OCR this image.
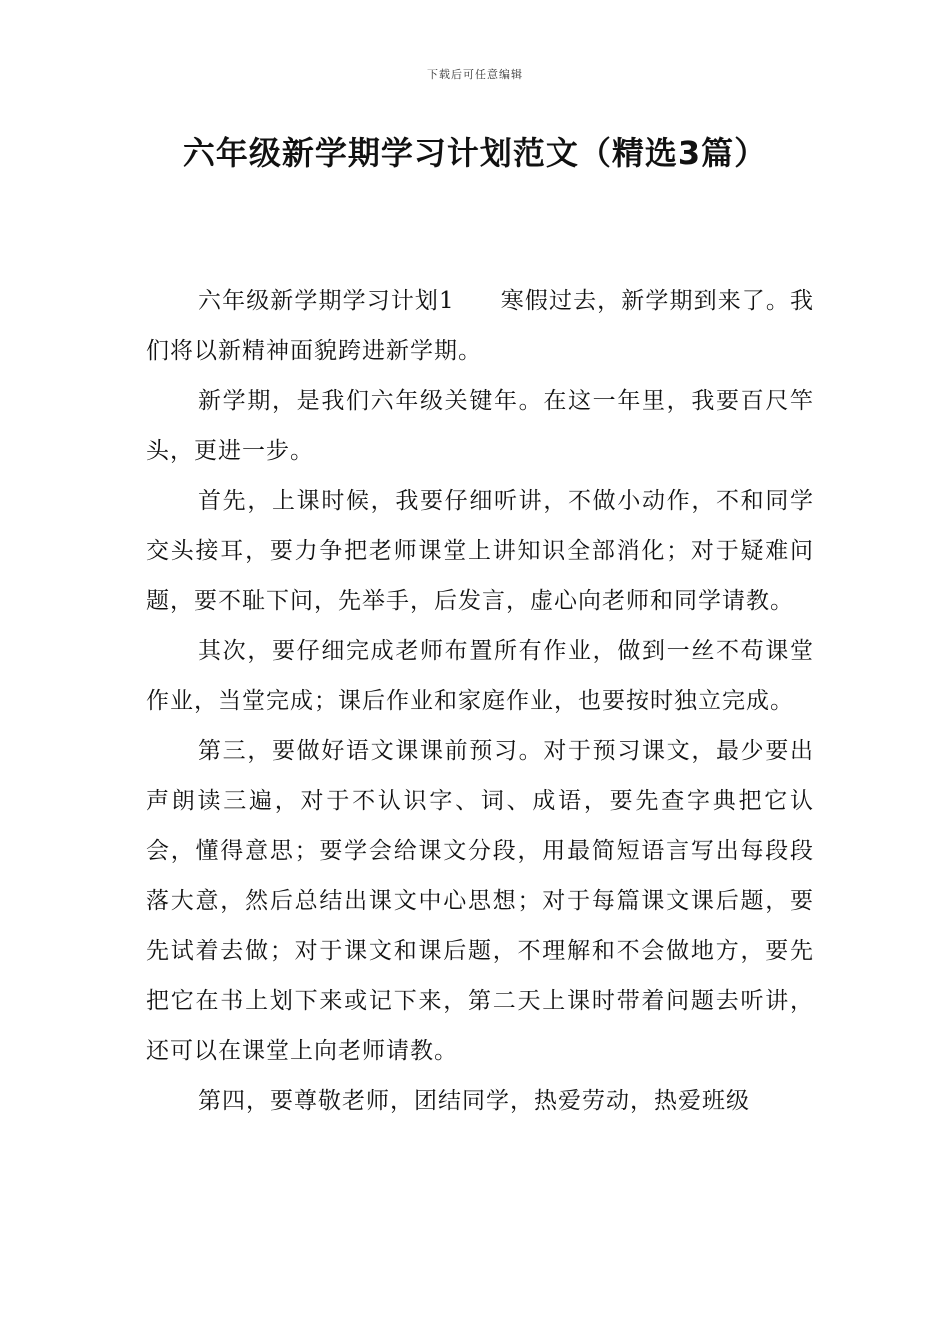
下载后可任意编辑
六年级新学期学习计划范文（精选3篇）

六年级新学期学习计划1 寒假过去，新学期到来了。我们将以新精神面貌跨进新学期。

新学期，是我们六年级关键年。在这一年里，我要百尺竿头，更进一步。

首先，上课时候，我要仔细听讲，不做小动作，不和同学交头接耳，要力争把老师课堂上讲知识全部消化；对于疑难问题，要不耻下问，先举手，后发言，虚心向老师和同学请教。

其次，要仔细完成老师布置所有作业，做到一丝不苟课堂作业，当堂完成；课后作业和家庭作业，也要按时独立完成。

第三，要做好语文课课前预习。对于预习课文，最少要出声朗读三遍，对于不认识字、词、成语，要先查字典把它认会，懂得意思；要学会给课文分段，用最简短语言写出每段段落大意，然后总结出课文中心思想；对于每篇课文课后题，要先试着去做；对于课文和课后题，不理解和不会做地方，要先把它在书上划下来或记下来，第二天上课时带着问题去听讲，还可以在课堂上向老师请教。

第四，要尊敬老师，团结同学，热爱劳动，热爱班级
